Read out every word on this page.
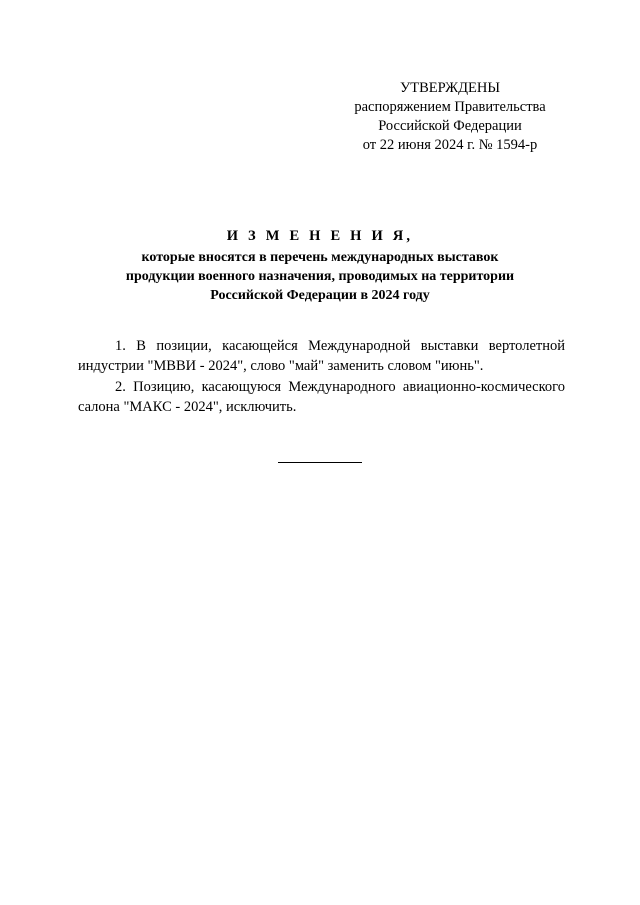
УТВЕРЖДЕНЫ
распоряжением Правительства
Российской Федерации
от 22 июня 2024 г. № 1594-р
И З М Е Н Е Н И Я,
которые вносятся в перечень международных выставок
продукции военного назначения, проводимых на территории
Российской Федерации в 2024 году

1. В позиции, касающейся Международной выставки вертолетной индустрии "МВВИ - 2024", слово "май" заменить словом "июнь".

2. Позицию, касающуюся Международного авиационно-космического салона "МАКС - 2024", исключить.
